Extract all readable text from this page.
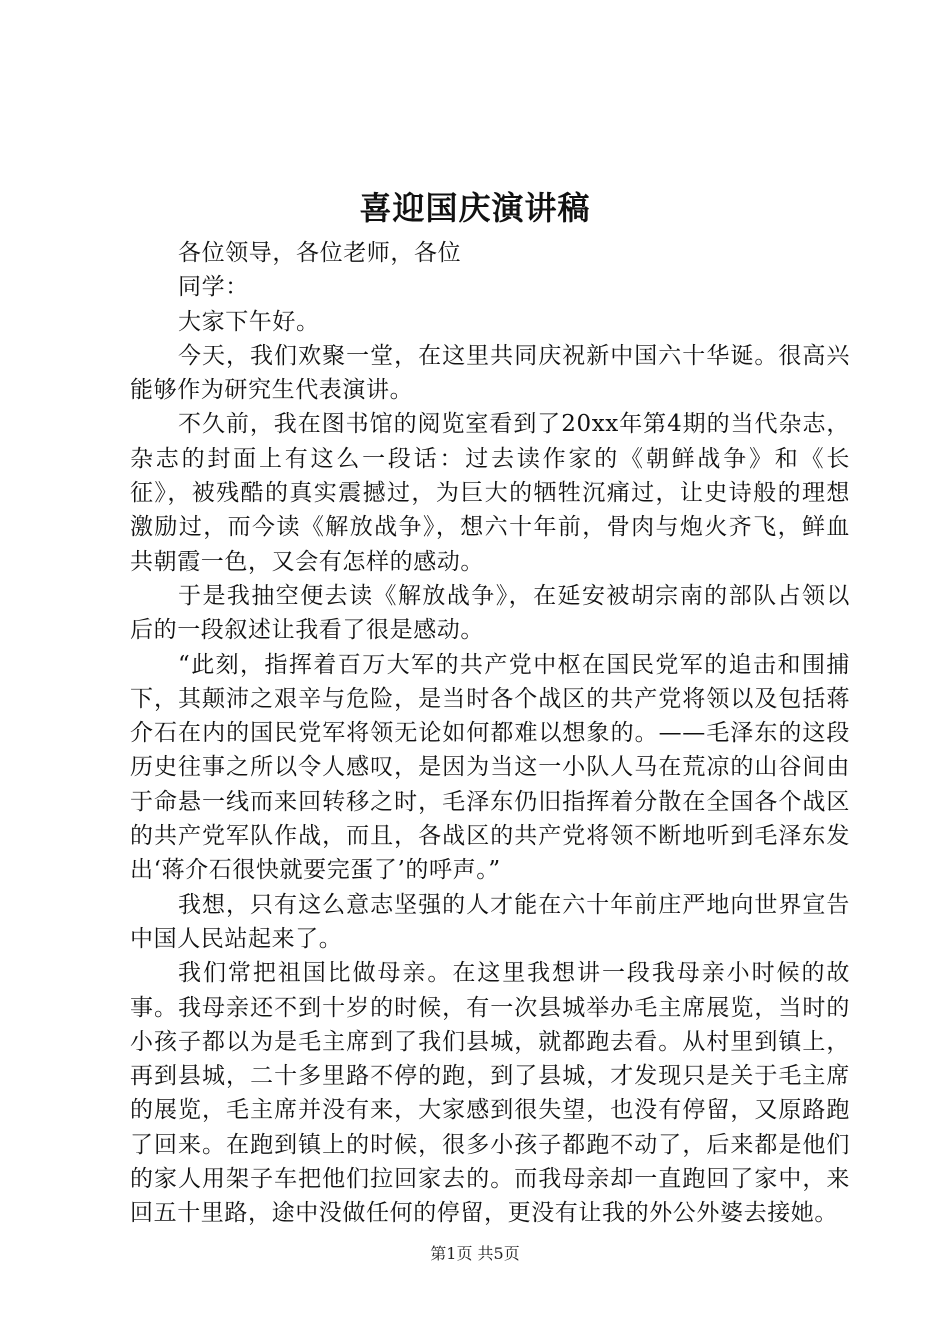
喜迎国庆演讲稿

各位领导，各位老师，各位

同学：

大家下午好。

今天，我们欢聚一堂，在这里共同庆祝新中国六十华诞。很高兴能够作为研究生代表演讲。

不久前，我在图书馆的阅览室看到了20xx年第4期的当代杂志，杂志的封面上有这么一段话：过去读作家的《朝鲜战争》和《长征》，被残酷的真实震撼过，为巨大的牺牲沉痛过，让史诗般的理想激励过，而今读《解放战争》，想六十年前，骨肉与炮火齐飞，鲜血共朝霞一色，又会有怎样的感动。

于是我抽空便去读《解放战争》，在延安被胡宗南的部队占领以后的一段叙述让我看了很是感动。

“此刻，指挥着百万大军的共产党中枢在国民党军的追击和围捕下，其颠沛之艰辛与危险，是当时各个战区的共产党将领以及包括蒋介石在内的国民党军将领无论如何都难以想象的。——毛泽东的这段历史往事之所以令人感叹，是因为当这一小队人马在荒凉的山谷间由于命悬一线而来回转移之时，毛泽东仍旧指挥着分散在全国各个战区的共产党军队作战，而且，各战区的共产党将领不断地听到毛泽东发出‘蒋介石很快就要完蛋了’的呼声。”

我想，只有这么意志坚强的人才能在六十年前庄严地向世界宣告中国人民站起来了。

我们常把祖国比做母亲。在这里我想讲一段我母亲小时候的故事。我母亲还不到十岁的时候，有一次县城举办毛主席展览，当时的小孩子都以为是毛主席到了我们县城，就都跑去看。从村里到镇上，再到县城，二十多里路不停的跑，到了县城，才发现只是关于毛主席的展览，毛主席并没有来，大家感到很失望，也没有停留，又原路跑了回来。在跑到镇上的时候，很多小孩子都跑不动了，后来都是他们的家人用架子车把他们拉回家去的。而我母亲却一直跑回了家中，来回五十里路，途中没做任何的停留，更没有让我的外公外婆去接她。

第1页 共5页
